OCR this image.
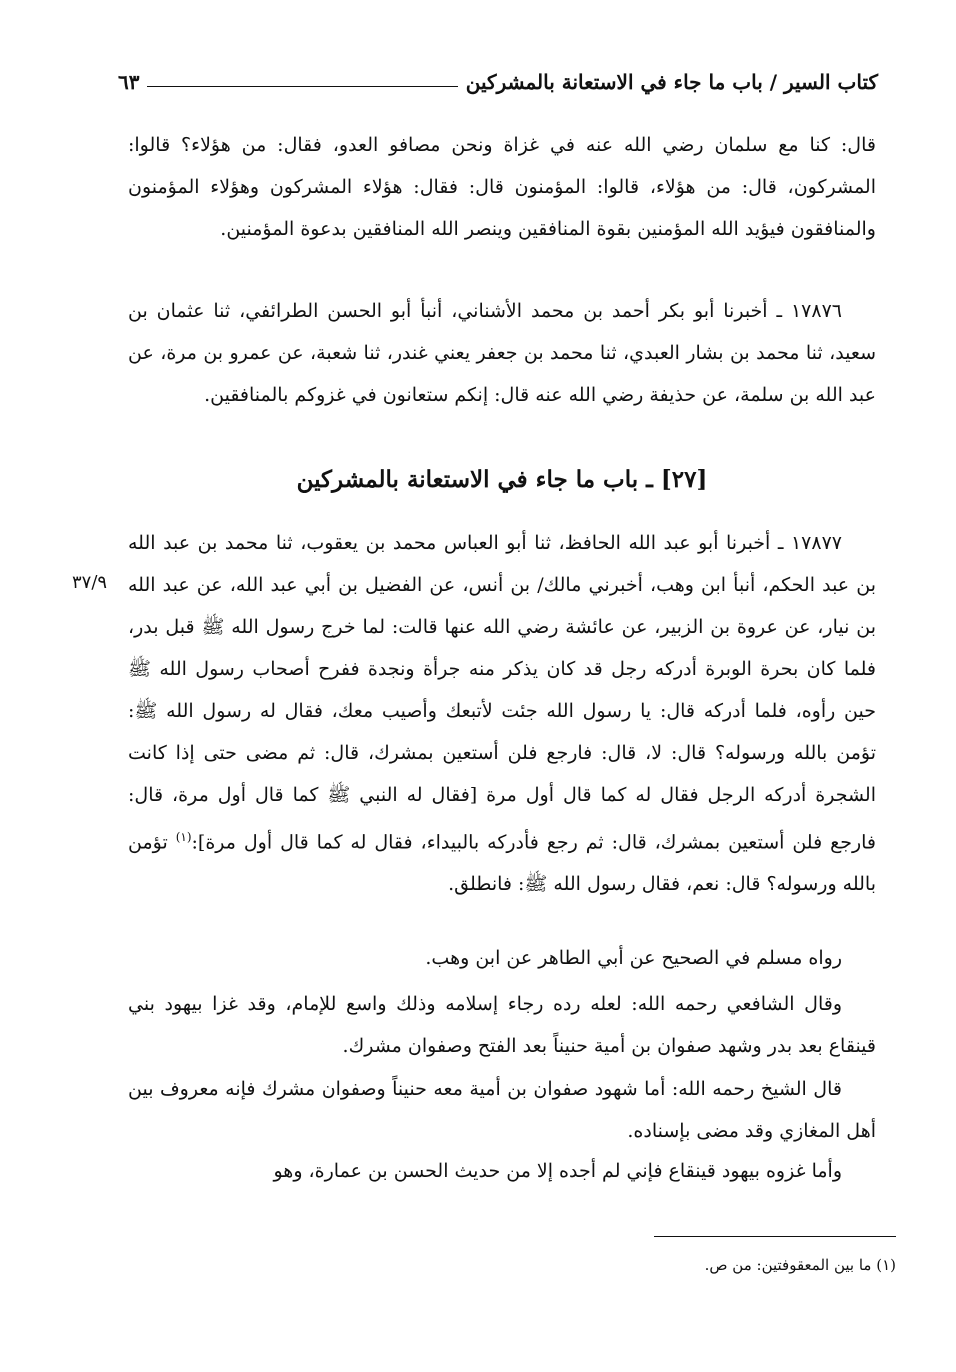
كتاب السير / باب ما جاء في الاستعانة بالمشركين
٦٣

قال: كنا مع سلمان رضي الله عنه في غزاة ونحن مصافو العدو، فقال: من هؤلاء؟ قالوا: المشركون، قال: من هؤلاء، قالوا: المؤمنون قال: فقال: هؤلاء المشركون وهؤلاء المؤمنون والمنافقون فيؤيد الله المؤمنين بقوة المنافقين وينصر الله المنافقين بدعوة المؤمنين.

١٧٨٧٦ ـ أخبرنا أبو بكر أحمد بن محمد الأشناني، أنبأ أبو الحسن الطرائفي، ثنا عثمان بن سعيد، ثنا محمد بن بشار العبدي، ثنا محمد بن جعفر يعني غندر، ثنا شعبة، عن عمرو بن مرة، عن عبد الله بن سلمة، عن حذيفة رضي الله عنه قال: إنكم ستعانون في غزوكم بالمنافقين.

[٢٧] ـ باب ما جاء في الاستعانة بالمشركين

١٧٨٧٧ ـ أخبرنا أبو عبد الله الحافظ، ثنا أبو العباس محمد بن يعقوب، ثنا محمد بن عبد الله بن عبد الحكم، أنبأ ابن وهب، أخبرني مالك/ بن أنس، عن الفضيل بن أبي عبد الله، عن عبد الله بن نيار، عن عروة بن الزبير، عن عائشة رضي الله عنها قالت: لما خرج رسول الله ﷺ قبل بدر، فلما كان بحرة الوبرة أدركه رجل قد كان يذكر منه جرأة ونجدة ففرح أصحاب رسول الله ﷺ حين رأوه، فلما أدركه قال: يا رسول الله جئت لأتبعك وأصيب معك، فقال له رسول الله ﷺ: تؤمن بالله ورسوله؟ قال: لا، قال: فارجع فلن أستعين بمشرك، قال: ثم مضى حتى إذا كانت الشجرة أدركه الرجل فقال له كما قال أول مرة [فقال له النبي ﷺ كما قال أول مرة، قال: فارجع فلن أستعين بمشرك، قال: ثم رجع فأدركه بالبيداء، فقال له كما قال أول مرة]:$^{(١)}$ تؤمن بالله ورسوله؟ قال: نعم، فقال رسول الله ﷺ: فانطلق.

٣٧/٩

رواه مسلم في الصحيح عن أبي الطاهر عن ابن وهب.

وقال الشافعي رحمه الله: لعله رده رجاء إسلامه وذلك واسع للإمام، وقد غزا بيهود بني قينقاع بعد بدر وشهد صفوان بن أمية حنيناً بعد الفتح وصفوان مشرك.

قال الشيخ رحمه الله: أما شهود صفوان بن أمية معه حنيناً وصفوان مشرك فإنه معروف بين أهل المغازي وقد مضى بإسناده.

وأما غزوه بيهود قينقاع فإني لم أجده إلا من حديث الحسن بن عمارة، وهو

(١) ما بين المعقوفتين: من ص.
